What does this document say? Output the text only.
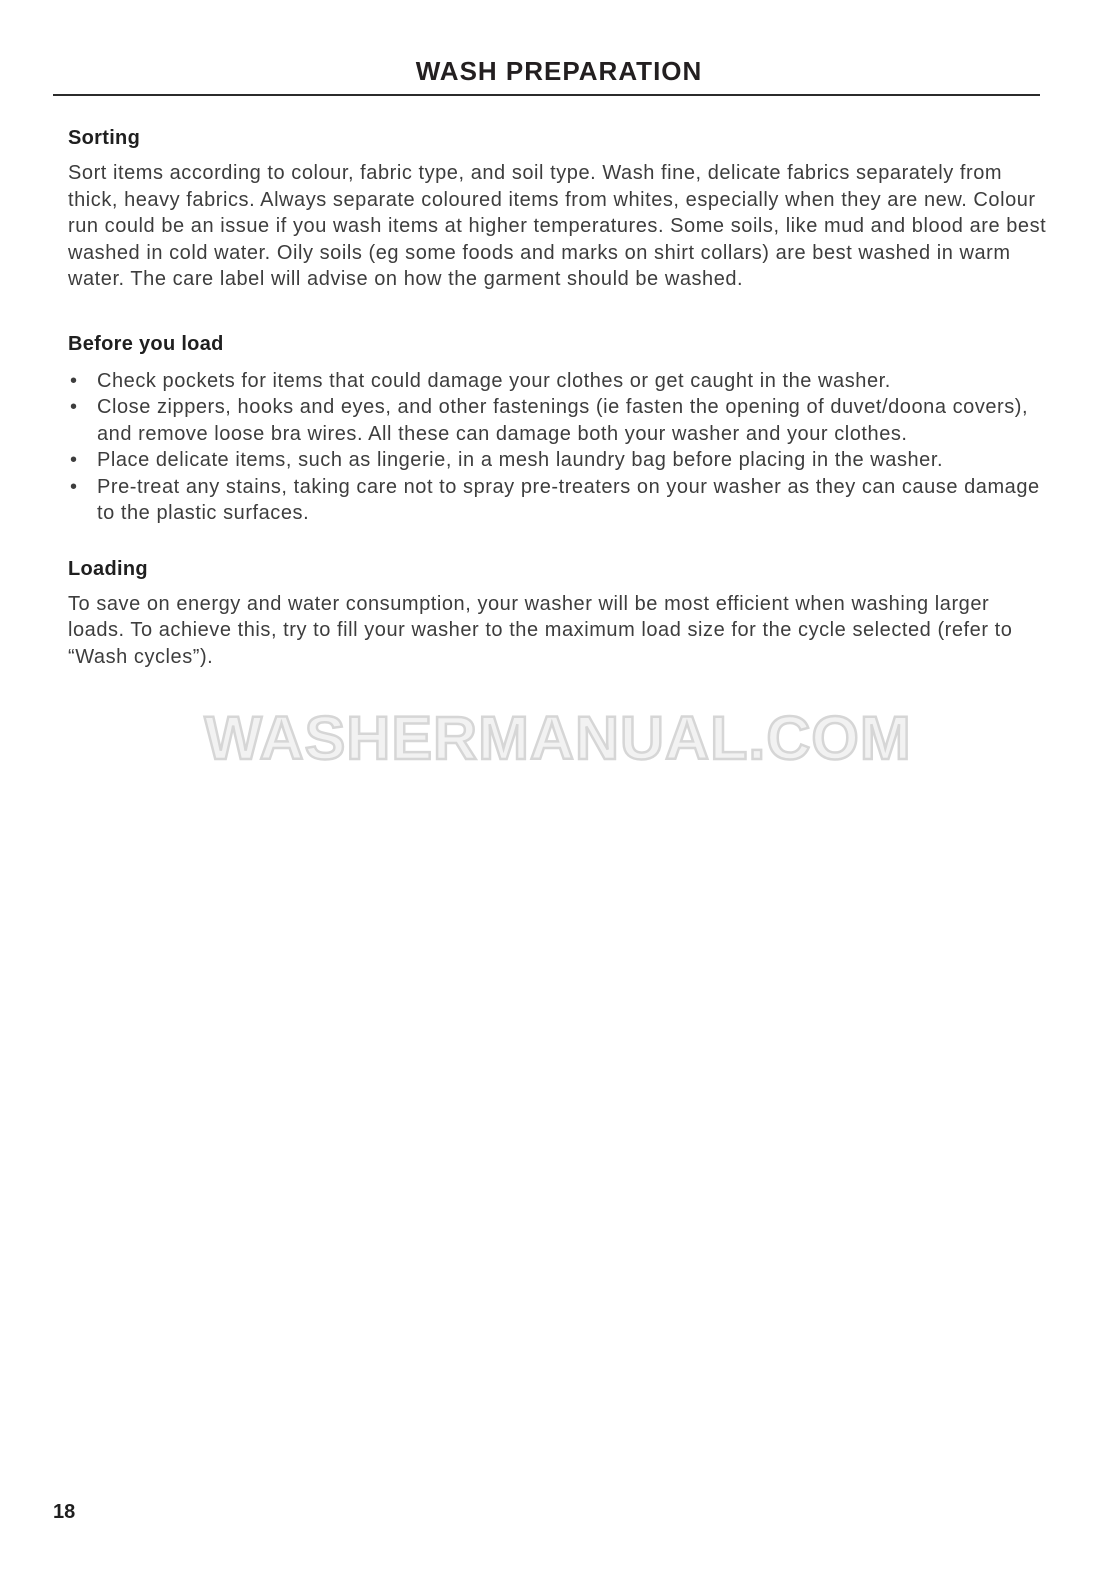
WASH PREPARATION
Sorting

Sort items according to colour, fabric type, and soil type. Wash fine, delicate fabrics separately from thick, heavy fabrics. Always separate coloured items from whites, especially when they are new. Colour run could be an issue if you wash items at higher temperatures. Some soils, like mud and blood are best washed in cold water. Oily soils (eg some foods and marks on shirt collars) are best washed in warm water. The care label will advise on how the garment should be washed.

Before you load
• Check pockets for items that could damage your clothes or get caught in the washer.
• Close zippers, hooks and eyes, and other fastenings (ie fasten the opening of duvet/doona covers), and remove loose bra wires. All these can damage both your washer and your clothes.
• Place delicate items, such as lingerie, in a mesh laundry bag before placing in the washer.
• Pre-treat any stains, taking care not to spray pre-treaters on your washer as they can cause damage to the plastic surfaces.
Loading

To save on energy and water consumption, your washer will be most efficient when washing larger loads. To achieve this, try to fill your washer to the maximum load size for the cycle selected (refer to “Wash cycles”).

WASHERMANUAL.COM
18
